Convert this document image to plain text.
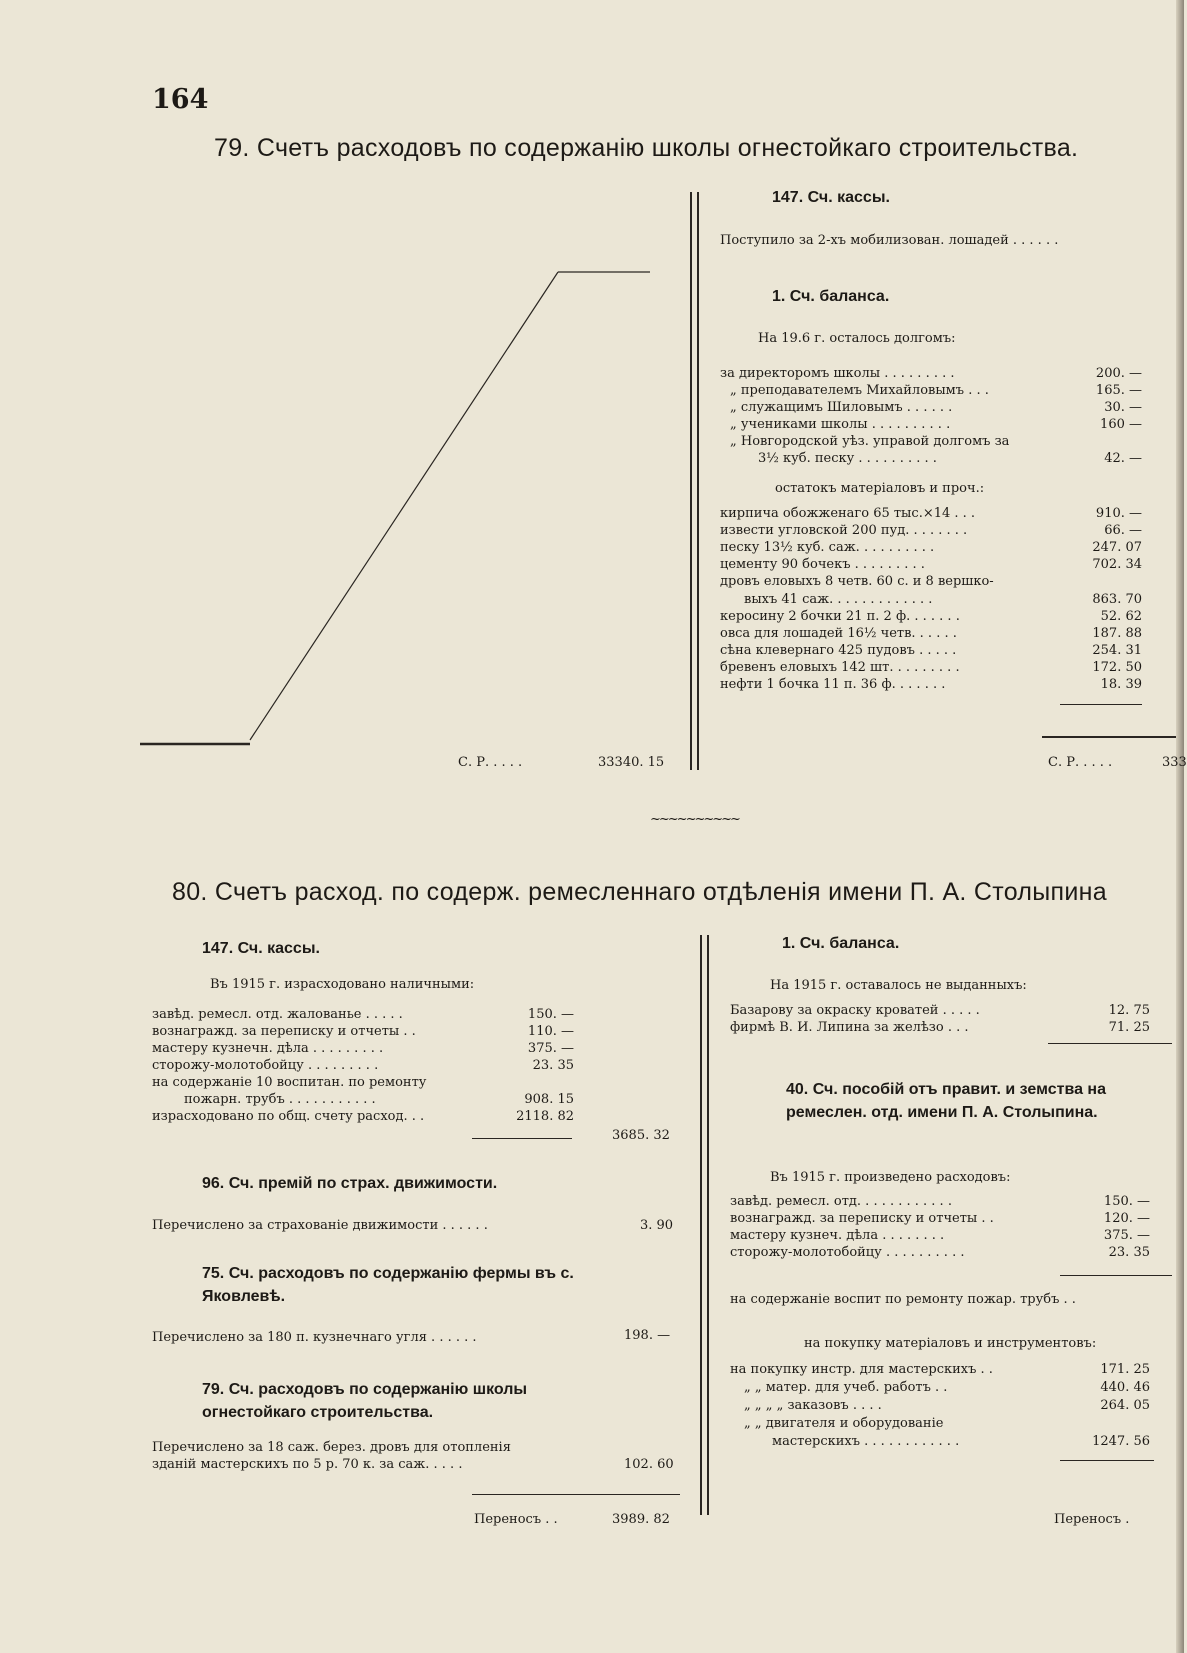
164
79. Счетъ расходовъ по содержанію школы огнестойкаго строительства.
С. Р. . . . .	33340. 15
147. Сч. кассы.
Поступило за 2-хъ мобилизован. лошадей . . . . . .
1. Сч. баланса.
На 19.6 г. осталось долгомъ:
за директоромъ школы . . . . . . . . .	200. —
„ преподавателемъ Михайловымъ . . .	165. —
„ служащимъ Шиловымъ . . . . . .	30. —
„ учениками школы . . . . . . . . . .	160 —
„ Новгородской уѣз. управой долгомъ за
3½ куб. песку . . . . . . . . . .	42. —
остатокъ матеріаловъ и проч.:
кирпича обожженаго 65 тыс.×14 . . .	910. —
извести угловской 200 пуд. . . . . . . .	66. —
песку 13½ куб. саж. . . . . . . . . .	247. 07
цементу 90 бочекъ . . . . . . . . .	702. 34
дровъ еловыхъ 8 четв. 60 с. и 8 вершко-
выхъ 41 саж. . . . . . . . . . . . .	863. 70
керосину 2 бочки 21 п. 2 ф. . . . . . .	52. 62
овса для лошадей 16½ четв. . . . . .	187. 88
сѣна клевернаго 425 пудовъ . . . . .	254. 31
бревенъ еловыхъ 142 шт. . . . . . . . .	172. 50
нефти 1 бочка 11 п. 36 ф. . . . . . .	18. 39
С. Р. . . . .	333
~~~~~~~~~~
80. Счетъ расход. по содерж. ремесленнаго отдѣленія имени П. А. Столыпина
147. Сч. кассы.
Въ 1915 г. израсходовано наличными:
завѣд. ремесл. отд. жалованье . . . . .	150. —
вознагражд. за переписку и отчеты . .	110. —
мастеру кузнечн. дѣла . . . . . . . . .	375. —
сторожу-молотобойцу . . . . . . . . .	23. 35
на содержаніе 10 воспитан. по ремонту
пожарн. трубъ . . . . . . . . . . .	908. 15
израсходовано по общ. счету расход. . .	2118. 82
3685. 32
96. Сч. премій по страх. движимости.
Перечислено за страхованіе движимости . . . . . .	3. 90
75. Сч. расходовъ по содержанію фермы въ с. Яковлевѣ.
Перечислено за 180 п. кузнечнаго угля . . . . . .	198. —
79. Сч. расходовъ по содержанію школы огнестойкаго строительства.
Перечислено за 18 саж. берез. дровъ для отопленія
зданій мастерскихъ по 5 р. 70 к. за саж. . . . .	102. 60
Переносъ . .	3989. 82
1. Сч. баланса.
На 1915 г. оставалось не выданныхъ:
Базарову за окраску кроватей . . . . .	12. 75
фирмѣ В. И. Липина за желѣзо . . .	71. 25
40. Сч. пособій отъ правит. и земства на ремеслен. отд. имени П. А. Столыпина.
Въ 1915 г. произведено расходовъ:
завѣд. ремесл. отд. . . . . . . . . . . .	150. —
вознагражд. за переписку и отчеты . .	120. —
мастеру кузнеч. дѣла . . . . . . . .	375. —
сторожу-молотобойцу . . . . . . . . . .	23. 35
на содержаніе воспит по ремонту пожар. трубъ . .
на покупку матеріаловъ и инструментовъ:
на покупку инстр. для мастерскихъ . .	171. 25
„ „ матер. для учеб. работъ . .	440. 46
„ „ „ „ заказовъ . . . .	264. 05
„ „ двигателя и оборудованіе
мастерскихъ . . . . . . . . . . . .	1247. 56
Переносъ .
